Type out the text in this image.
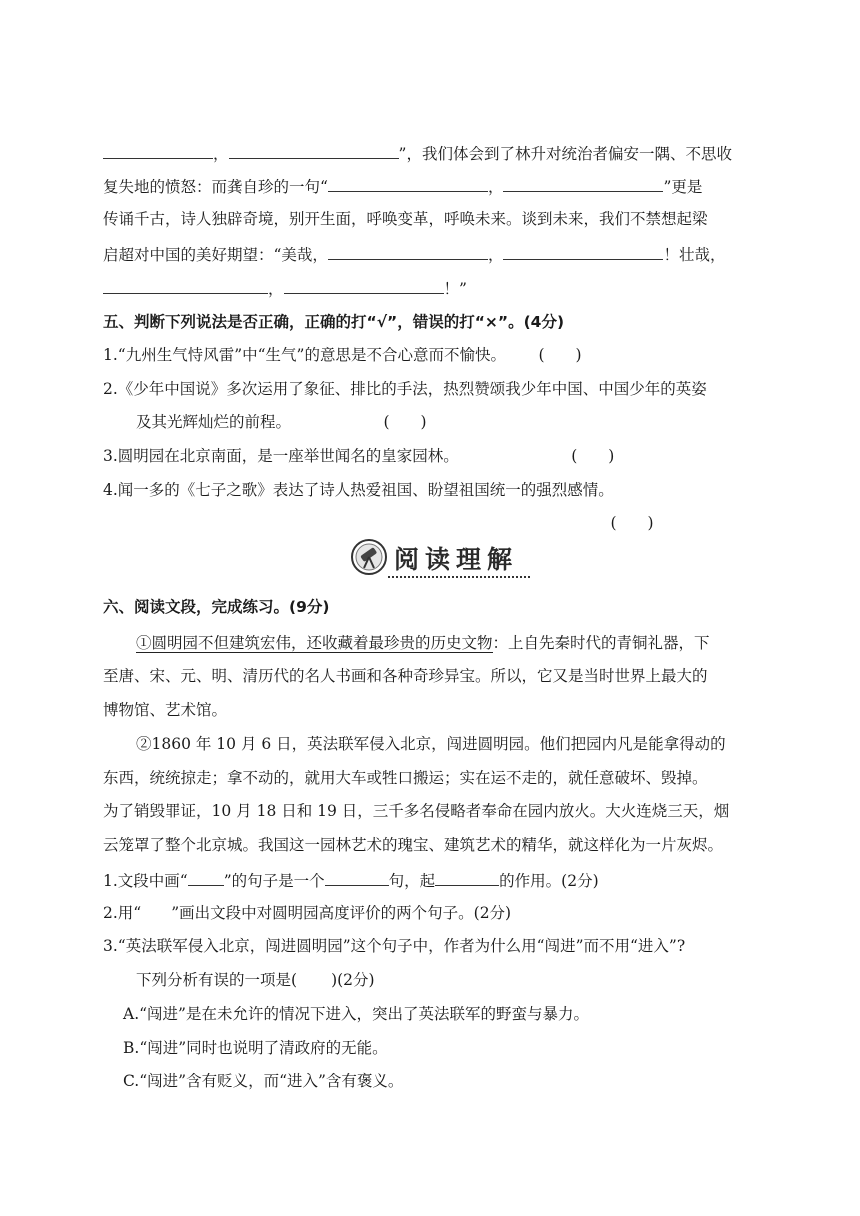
，	”，我们体会到了林升对统治者偏安一隅、不思收
复失地的愤怒：而龚自珍的一句“	，	”更是
传诵千古，诗人独辟奇境，别开生面，呼唤变革，呼唤未来。谈到未来，我们不禁想起梁
启超对中国的美好期望：“美哉，	，	！壮哉，
，	！”
五、判断下列说法是否正确，正确的打“√”，错误的打“×”。(4分)
1.“九州生气恃风雷”中“生气”的意思是不合心意而不愉快。 (　　)
2.《少年中国说》多次运用了象征、排比的手法，热烈赞颂我少年中国、中国少年的英姿
及其光辉灿烂的前程。	(　　)
3.圆明园在北京南面，是一座举世闻名的皇家园林。	(　　)
4.闻一多的《七子之歌》表达了诗人热爱祖国、盼望祖国统一的强烈感情。
(　　)
阅读理解
六、阅读文段，完成练习。(9分)
①圆明园不但建筑宏伟，还收藏着最珍贵的历史文物：上自先秦时代的青铜礼器，下
至唐、宋、元、明、清历代的名人书画和各种奇珍异宝。所以，它又是当时世界上最大的
博物馆、艺术馆。
②1860 年 10 月 6 日，英法联军侵入北京，闯进圆明园。他们把园内凡是能拿得动的
东西，统统掠走；拿不动的，就用大车或牲口搬运；实在运不走的，就任意破坏、毁掉。
为了销毁罪证，10 月 18 日和 19 日，三千多名侵略者奉命在园内放火。大火连烧三天，烟
云笼罩了整个北京城。我国这一园林艺术的瑰宝、建筑艺术的精华，就这样化为一片灰烬。
1.文段中画“ ”的句子是一个	句，起	的作用。(2分)
2.用“ ”画出文段中对圆明园高度评价的两个句子。(2分)
3.“英法联军侵入北京，闯进圆明园”这个句子中，作者为什么用“闯进”而不用“进入”?
下列分析有误的一项是( )(2分)
A.“闯进”是在未允许的情况下进入，突出了英法联军的野蛮与暴力。
B.“闯进”同时也说明了清政府的无能。
C.“闯进”含有贬义，而“进入”含有褒义。
